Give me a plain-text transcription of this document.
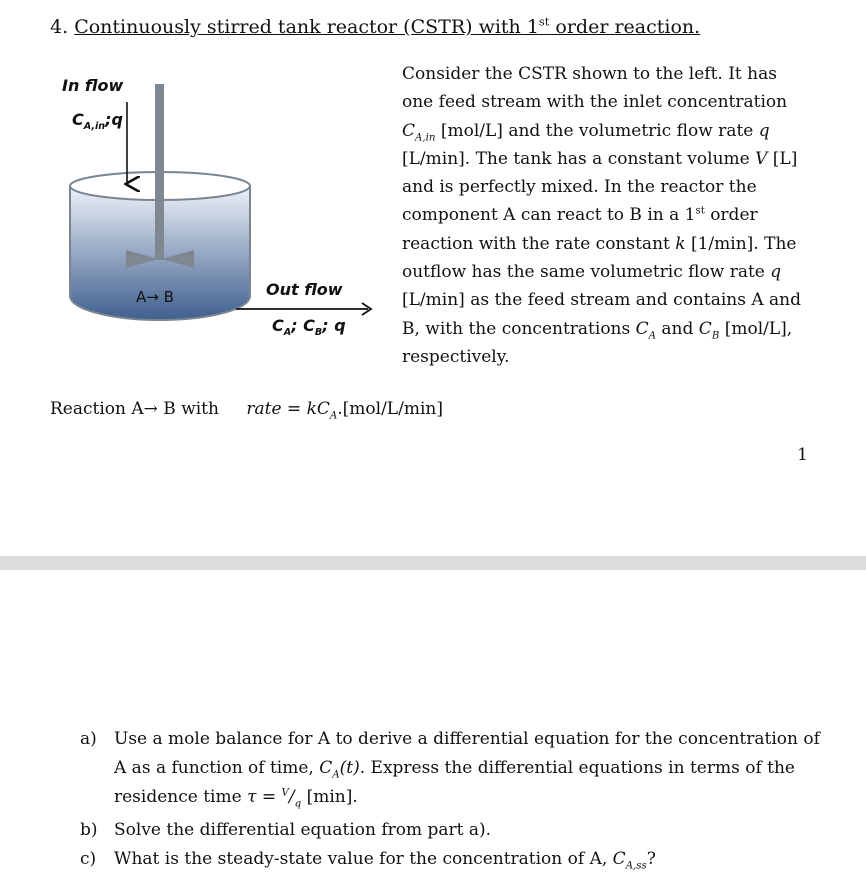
4. Continuously stirred tank reactor (CSTR) with 1st order reaction.
In flow
$C_{A,in};q$
A→ B	Out flow
$C_A$; $C_B$; q

Consider the CSTR shown to the left. It has one feed stream with the inlet concentration $C_{A,in}$ [mol/L] and the volumetric flow rate q [L/min]. The tank has a constant volume V [L] and is perfectly mixed. In the reactor the component A can react to B in a 1st order reaction with the rate constant k [1/min]. The outflow has the same volumetric flow rate q [L/min] as the feed stream and contains A and B, with the concentrations $C_A$ and $C_B$ [mol/L], respectively.

Reaction A→ B with rate = $kC_A.[mol/L/\min]$
1
a) Use a mole balance for A to derive a differential equation for the concentration of A as a function of time, $C_A(t)$. Express the differential equations in terms of the residence time $\tau = ^V/_q$ [min].
b) Solve the differential equation from part a).
c) What is the steady-state value for the concentration of A, $C_{A,ss}$?
